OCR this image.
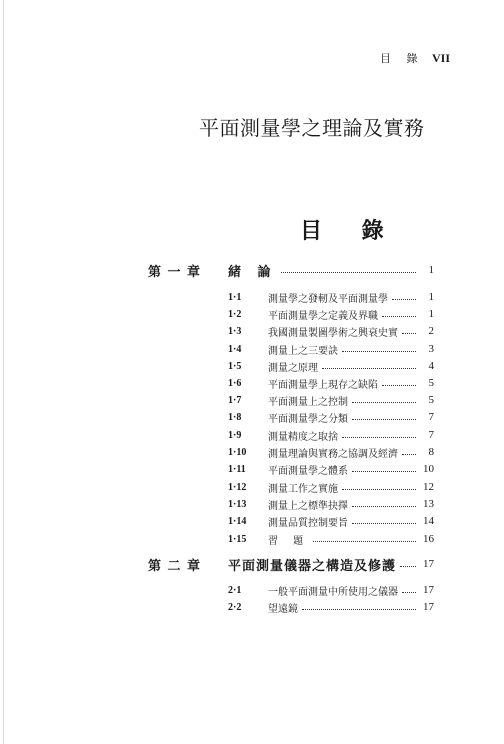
目 錄 VII
平面測量學之理論及實務
目 錄
第 一 章	緒 論	1
1·1	測量學之發軔及平面測量學	1
1·2	平面測量學之定義及界職	1
1·3	我國測量製圖學術之興衰史實	2
1·4	測量上之三要訣	3
1·5	測量之原理	4
1·6	平面測量學上現存之缺陷	5
1·7	平面測量上之控制	5
1·8	平面測量學之分類	7
1·9	測量精度之取捨	7
1·10	測量理論與實務之協調及經濟	8
1·11	平面測量學之體系	10
1·12	測量工作之實施	12
1·13	測量上之標準抉擇	13
1·14	測量品質控制要旨	14
1·15	習 題	16
第 二 章	平面測量儀器之構造及修護 17
2·1	一般平面測量中所使用之儀器 17
2·2	望遠鏡	17
